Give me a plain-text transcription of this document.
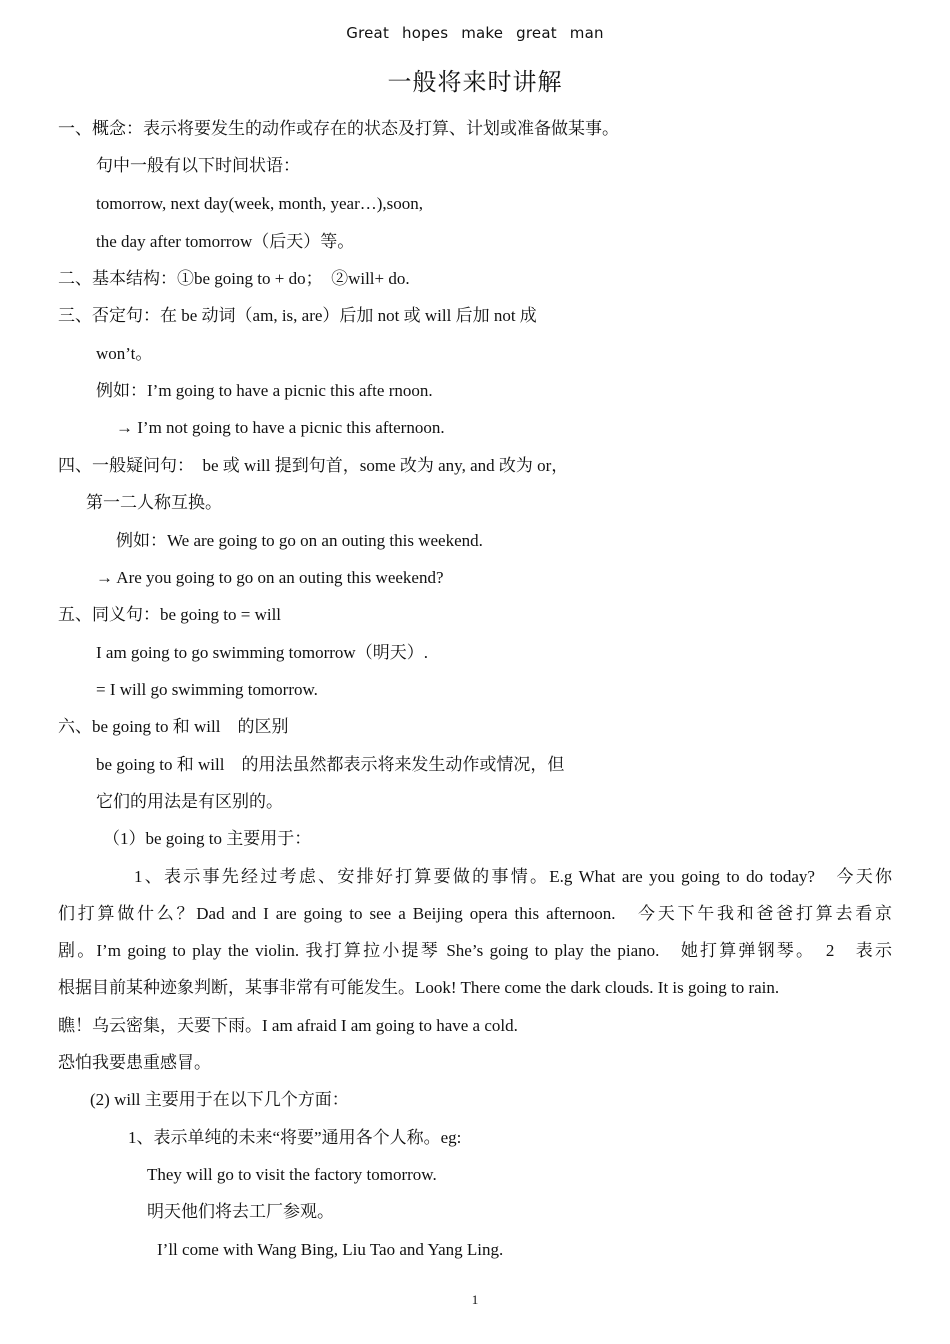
Great hopes make great man
一般将来时讲解
一、概念：表示将要发生的动作或存在的状态及打算、计划或准备做某事。
句中一般有以下时间状语：
tomorrow, next day(week, month, year…),soon,
the day after tomorrow（后天）等。
二、基本结构：①be going to + do；　②will+ do.
三、否定句：在 be 动词（am, is, are）后加 not 或 will 后加 not 成
won’t。
例如：I’m going to have a picnic this afte rnoon.
→ I’m not going to have a picnic this afternoon.
四、一般疑问句：　be 或 will 提到句首，some 改为 any, and 改为 or，
第一二人称互换。
例如：We are going to go on an outing this weekend.
→ Are you going to go on an outing this weekend?
五、同义句：be going to = will
I am going to go swimming tomorrow（明天）.
= I will go swimming tomorrow.
六、be going to 和 will　的区别
be going to 和 will　的用法虽然都表示将来发生动作或情况，但
它们的用法是有区别的。
（1）be going to 主要用于：
1、表示事先经过考虑、安排好打算要做的事情。E.g What are you going to do today?　今天你
们打算做什么？Dad and I are going to see a Beijing opera this afternoon.　今天下午我和爸爸打算去看京
剧。I’m going to play the violin. 我打算拉小提琴 She’s going to play the piano.　她打算弹钢琴。　2　表示
根据目前某种迹象判断，某事非常有可能发生。Look! There come the dark clouds. It is going to rain.
瞧！乌云密集，天要下雨。I am afraid I am going to have a cold.
恐怕我要患重感冒。
(2) will 主要用于在以下几个方面：
1、表示单纯的未来“将要”通用各个人称。eg:
They will go to visit the factory tomorrow.
明天他们将去工厂参观。
I’ll come with Wang Bing, Liu Tao and Yang Ling.
1
